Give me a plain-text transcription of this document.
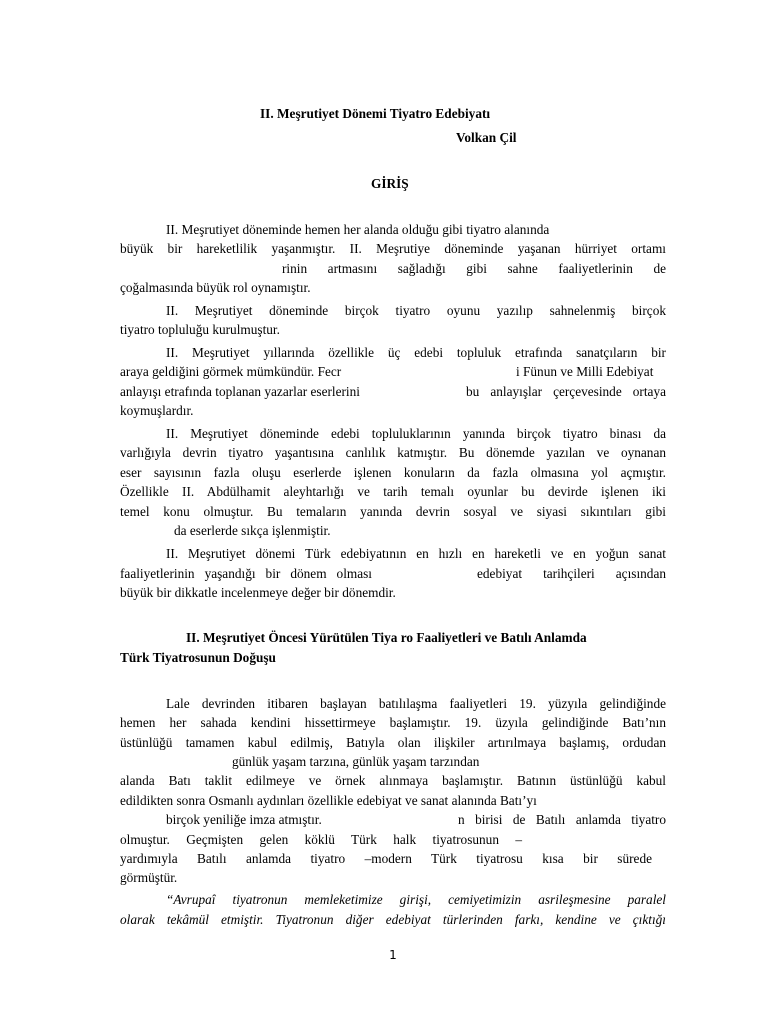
II. Meşrutiyet Dönemi Tiyatro Edebiyatı
Volkan Çil
GİRİŞ
II. Meşrutiyet döneminde hemen her alanda olduğu gibi tiyatro alanında
büyük bir hareketlilik yaşanmıştır. II. Meşrutiye döneminde yaşanan hürriyet ortamı
rinin artmasını sağladığı gibi sahne faaliyetlerinin de
çoğalmasında büyük rol oynamıştır.
II. Meşrutiyet döneminde birçok tiyatro oyunu yazılıp sahnelenmiş birçok
tiyatro topluluğu kurulmuştur.
II. Meşrutiyet yıllarında özellikle üç edebi topluluk etrafında sanatçıların bir
araya geldiğini görmek mümkündür. Fecr	i Fünun ve Milli Edebiyat
anlayışı etrafında toplanan yazarlar eserlerini	bu anlayışlar çerçevesinde ortaya
koymuşlardır.
II. Meşrutiyet döneminde edebi topluluklarının yanında birçok tiyatro binası da
varlığıyla devrin tiyatro yaşantısına canlılık katmıştır. Bu dönemde yazılan ve oynanan
eser sayısının fazla oluşu eserlerde işlenen konuların da fazla olmasına yol açmıştır.
Özellikle II. Abdülhamit aleyhtarlığı ve tarih temalı oyunlar bu devirde işlenen iki
temel konu olmuştur. Bu temaların yanında devrin sosyal ve siyasi sıkıntıları gibi
da eserlerde sıkça işlenmiştir.
II. Meşrutiyet dönemi Türk edebiyatının en hızlı en hareketli ve en yoğun sanat
faaliyetlerinin yaşandığı bir dönem olması	edebiyat tarihçileri açısından
büyük bir dikkatle incelenmeye değer bir dönemdir.
II. Meşrutiyet Öncesi Yürütülen Tiya ro Faaliyetleri ve Batılı Anlamda
Türk Tiyatrosunun Doğuşu
Lale devrinden itibaren başlayan batılılaşma faaliyetleri 19. yüzyıla gelindiğinde
hemen her sahada kendini hissettirmeye başlamıştır. 19. üzyıla gelindiğinde Batı’nın
üstünlüğü tamamen kabul edilmiş, Batıyla olan ilişkiler artırılmaya başlamış, ordudan
günlük yaşam tarzına, günlük yaşam tarzından
alanda Batı taklit edilmeye ve örnek alınmaya başlamıştır. Batının üstünlüğü kabul
edildikten sonra Osmanlı aydınları özellikle edebiyat ve sanat alanında Batı’yı
birçok yeniliğe imza atmıştır.	n birisi de Batılı anlamda tiyatro
olmuştur. Geçmişten gelen köklü Türk halk tiyatrosunun –
yardımıyla Batılı anlamda tiyatro –modern Türk tiyatrosu kısa bir sürede
görmüştür.
“Avrupaî tiyatronun memleketimize girişi, cemiyetimizin asrileşmesine paralel
olarak tekâmül etmiştir. Tiyatronun diğer edebiyat türlerinden farkı, kendine ve çıktığı
1
